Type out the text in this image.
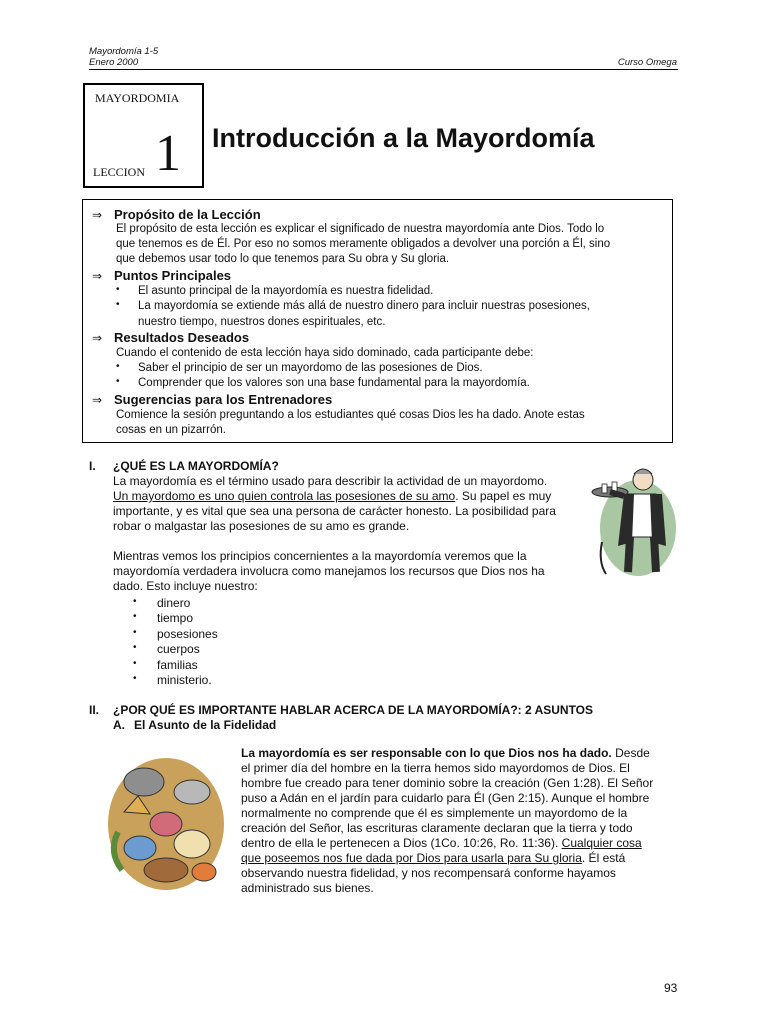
Mayordomía 1-5
Enero 2000	Curso Omega
MAYORDOMIA
LECCION 1 Introducción a la Mayordomía
⇒ Propósito de la Lección
El propósito de esta lección es explicar el significado de nuestra mayordomía ante Dios. Todo lo
que tenemos es de Él. Por eso no somos meramente obligados a devolver una porción a Él, sino
que debemos usar todo lo que tenemos para Su obra y Su gloria.
⇒ Puntos Principales
• El asunto principal de la mayordomía es nuestra fidelidad.
• La mayordomía se extiende más allá de nuestro dinero para incluir nuestras posesiones,
nuestro tiempo, nuestros dones espirituales, etc.
⇒ Resultados Deseados
Cuando el contenido de esta lección haya sido dominado, cada participante debe:
• Saber el principio de ser un mayordomo de las posesiones de Dios.
• Comprender que los valores son una base fundamental para la mayordomía.
⇒ Sugerencias para los Entrenadores
Comience la sesión preguntando a los estudiantes qué cosas Dios les ha dado. Anote estas
cosas en un pizarrón.
I. ¿QUÉ ES LA MAYORDOMÍA?
La mayordomía es el término usado para describir la actividad de un mayordomo.
Un mayordomo es uno quien controla las posesiones de su amo. Su papel es muy
importante, y es vital que sea una persona de carácter honesto. La posibilidad para
robar o malgastar las posesiones de su amo es grande.
Mientras vemos los principios concernientes a la mayordomía veremos que la
mayordomía verdadera involucra como manejamos los recursos que Dios nos ha
dado. Esto incluye nuestro:
• dinero
• tiempo
• posesiones
• cuerpos
• familias
• ministerio.
II. ¿POR QUÉ ES IMPORTANTE HABLAR ACERCA DE LA MAYORDOMÍA?: 2 ASUNTOS
A. El Asunto de la Fidelidad
La mayordomía es ser responsable con lo que Dios nos ha dado. Desde
el primer día del hombre en la tierra hemos sido mayordomos de Dios. El
hombre fue creado para tener dominio sobre la creación (Gen 1:28). El Señor
puso a Adán en el jardín para cuidarlo para Él (Gen 2:15). Aunque el hombre
normalmente no comprende que él es simplemente un mayordomo de la
creación del Señor, las escrituras claramente declaran que la tierra y todo
dentro de ella le pertenecen a Dios (1Co. 10:26, Ro. 11:36). Cualquier cosa
que poseemos nos fue dada por Dios para usarla para Su gloria. Él está
observando nuestra fidelidad, y nos recompensará conforme hayamos
administrado sus bienes.
93
